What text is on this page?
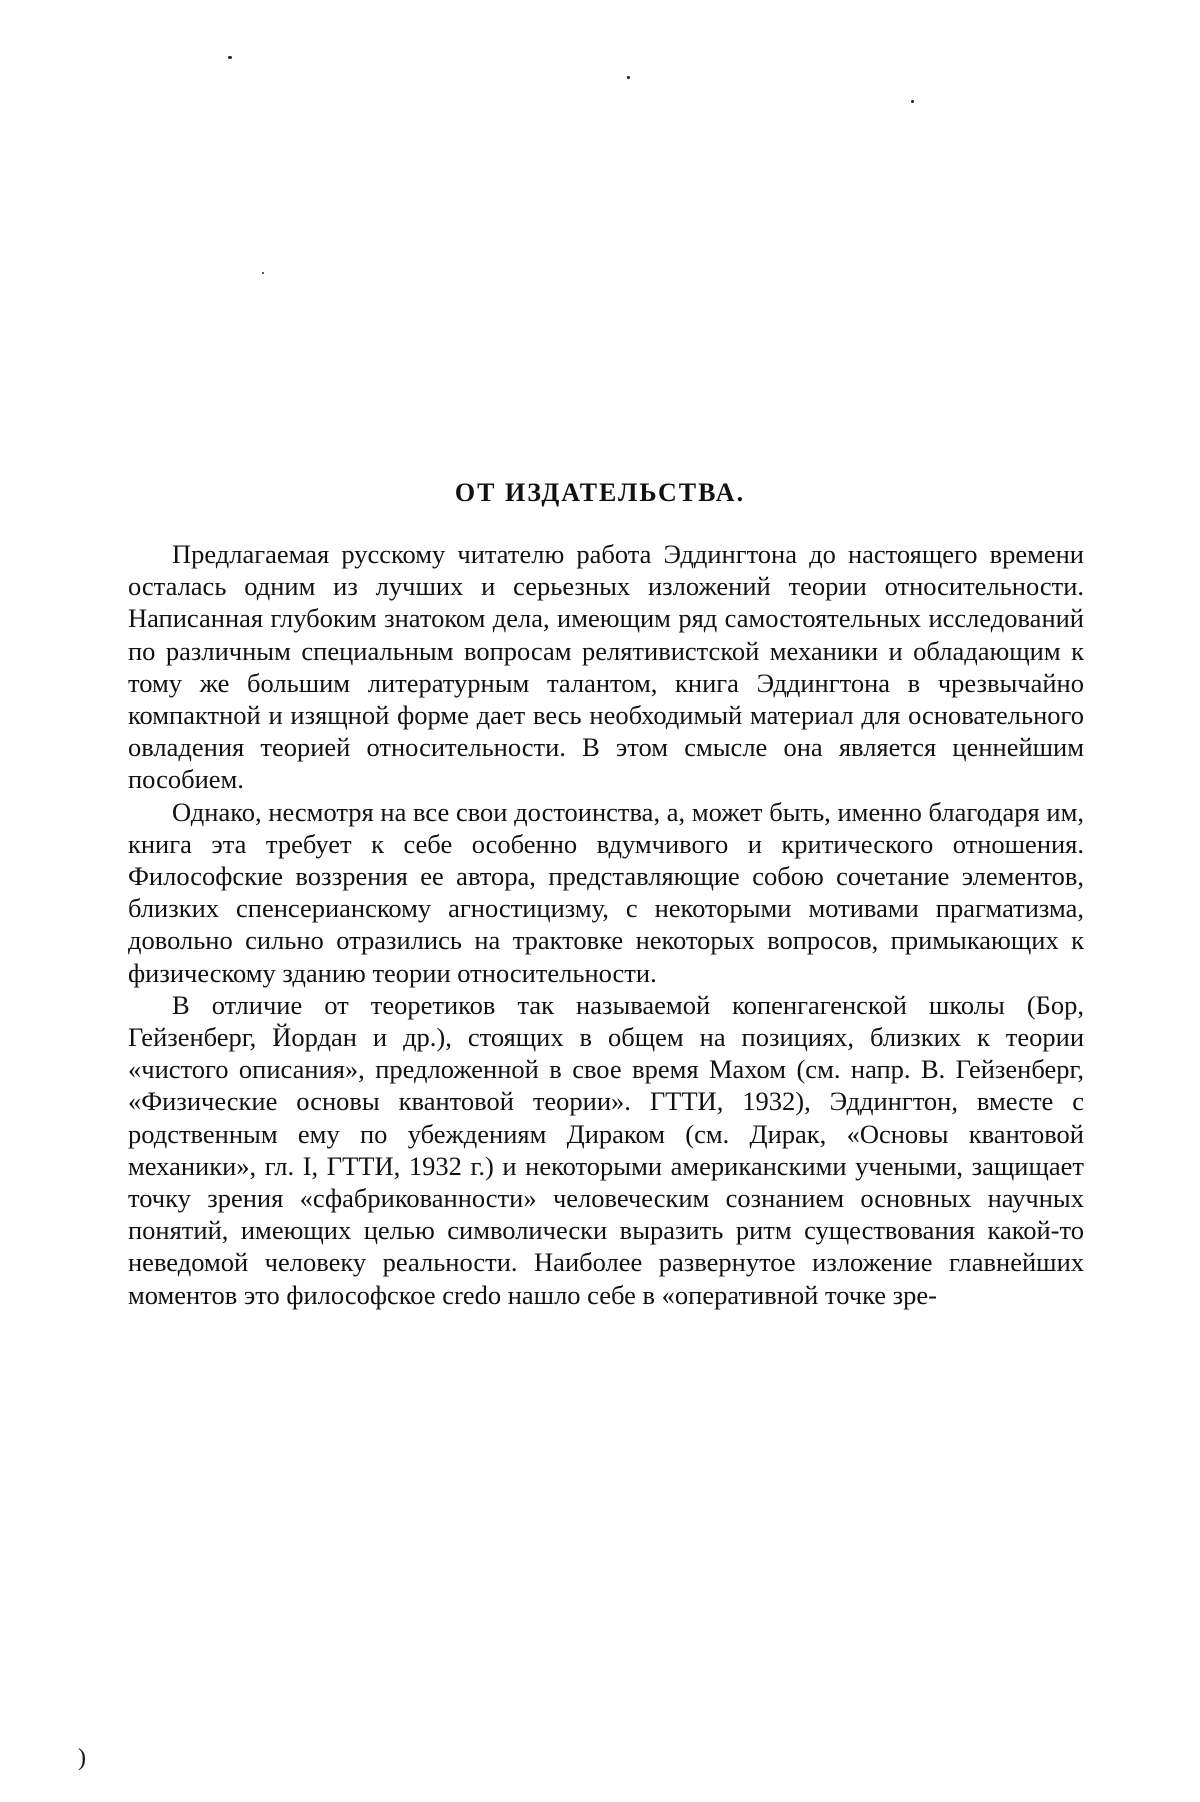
ОТ ИЗДАТЕЛЬСТВА.

Предлагаемая русскому читателю работа Эддингтона до настоящего времени осталась одним из лучших и серьезных изложений теории относительности. Написанная глубоким знатоком дела, имеющим ряд самостоятельных исследований по различным специальным вопросам релятивистской механики и обладающим к тому же большим литературным талантом, книга Эддингтона в чрезвычайно компактной и изящной форме дает весь необходимый материал для основательного овладения теорией относительности. В этом смысле она является ценнейшим пособием.

Однако, несмотря на все свои достоинства, а, может быть, именно благодаря им, книга эта требует к себе особенно вдумчивого и критического отношения. Философские воззрения ее автора, представляющие собою сочетание элементов, близких спенсерианскому агностицизму, с некоторыми мотивами прагматизма, довольно сильно отразились на трактовке некоторых вопросов, примыкающих к физическому зданию теории относительности.

В отличие от теоретиков так называемой копенгагенской школы (Бор, Гейзенберг, Йордан и др.), стоящих в общем на позициях, близких к теории «чистого описания», предложенной в свое время Махом (см. напр. В. Гейзенберг, «Физические основы квантовой теории». ГТТИ, 1932), Эддингтон, вместе с родственным ему по убеждениям Дираком (см. Дирак, «Основы квантовой механики», гл. I, ГТТИ, 1932 г.) и некоторыми американскими учеными, защищает точку зрения «сфабрикованности» человеческим сознанием основных научных понятий, имеющих целью символически выразить ритм существования какой-то неведомой человеку реальности. Наиболее развернутое изложение главнейших моментов это философское credo нашло себе в «оперативной точке зре-

)
